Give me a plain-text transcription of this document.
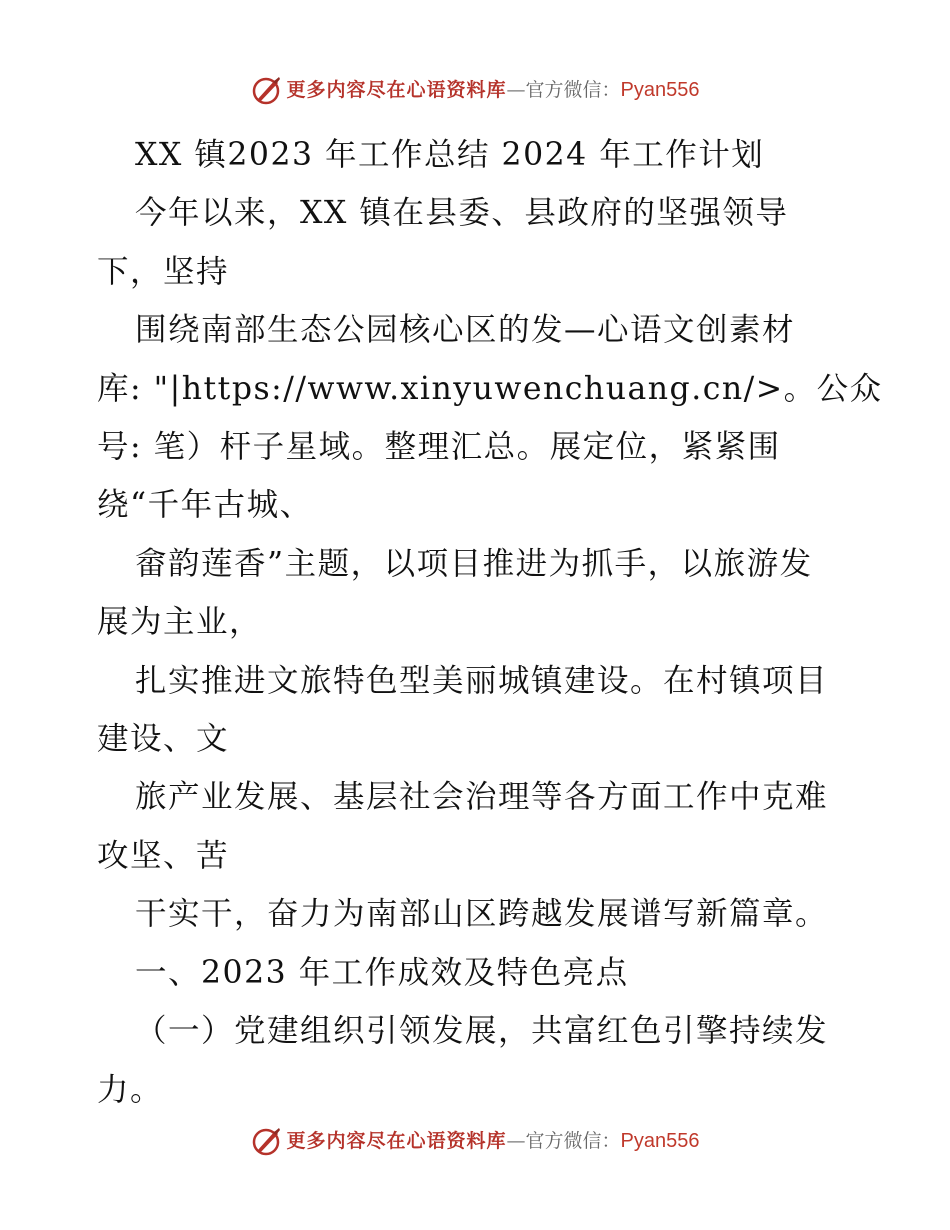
更多内容尽在心语资料库—官方微信：Pyan556

XX 镇2023 年工作总结 2024 年工作计划

今年以来，XX 镇在县委、县政府的坚强领导

下，坚持

围绕南部生态公园核心区的发—心语文创素材

库: "|https://www.xinyuwenchuang.cn/>。公众

号: 笔）杆子星域。整理汇总。展定位，紧紧围

绕“千年古城、

畲韵莲香”主题，以项目推进为抓手，以旅游发

展为主业，

扎实推进文旅特色型美丽城镇建设。在村镇项目

建设、文

旅产业发展、基层社会治理等各方面工作中克难

攻坚、苦

干实干，奋力为南部山区跨越发展谱写新篇章。

一、2023 年工作成效及特色亮点

（一）党建组织引领发展，共富红色引擎持续发

力。

更多内容尽在心语资料库—官方微信：Pyan556
